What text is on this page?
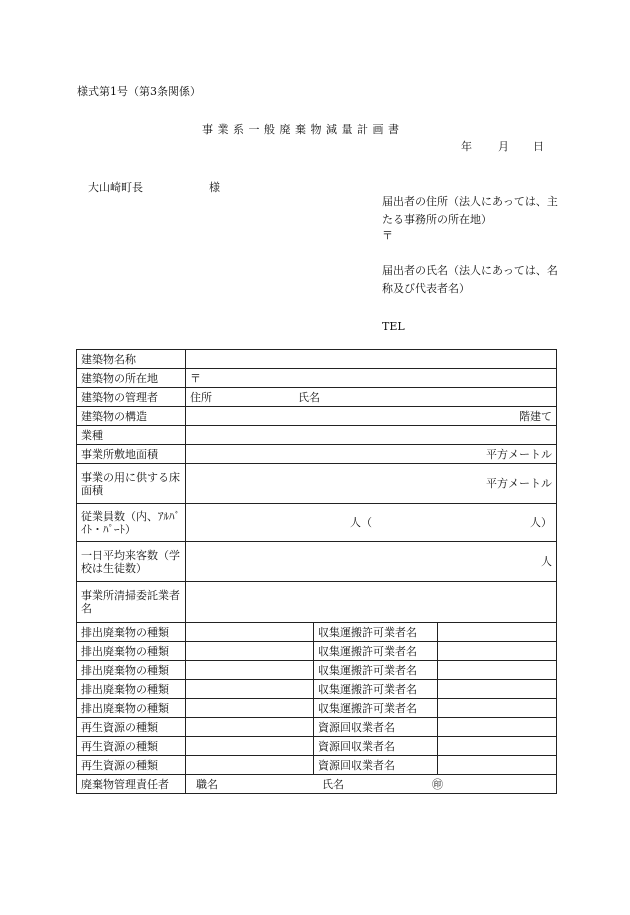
様式第1号（第3条関係）
事業系一般廃棄物減量計画書
年 月 日
大山崎町長	様
届出者の住所（法人にあっては、主たる事務所の所在地）
〒
届出者の氏名（法人にあっては、名称及び代表者名）
TEL
建築物名称			
建築物の所在地	〒		
建築物の管理者	住所 氏名		
建築物の構造	階建て		
業種			
事業所敷地面積	平方メートル		
事業の用に供する床面積	平方メートル		
従業員数（内、ｱﾙﾊﾞｲﾄ・ﾊﾟｰﾄ）	人（ 人）		

一日平均来客数（学校は生徒数）	人		
事業所清掃委託業者名			
排出廃棄物の種類		収集運搬許可業者名	
排出廃棄物の種類		収集運搬許可業者名	
排出廃棄物の種類		収集運搬許可業者名	
排出廃棄物の種類		収集運搬許可業者名	
排出廃棄物の種類		収集運搬許可業者名	
再生資源の種類		資源回収業者名	
再生資源の種類		資源回収業者名	
再生資源の種類		資源回収業者名	
廃棄物管理責任者	職名 氏名 ㊞		
